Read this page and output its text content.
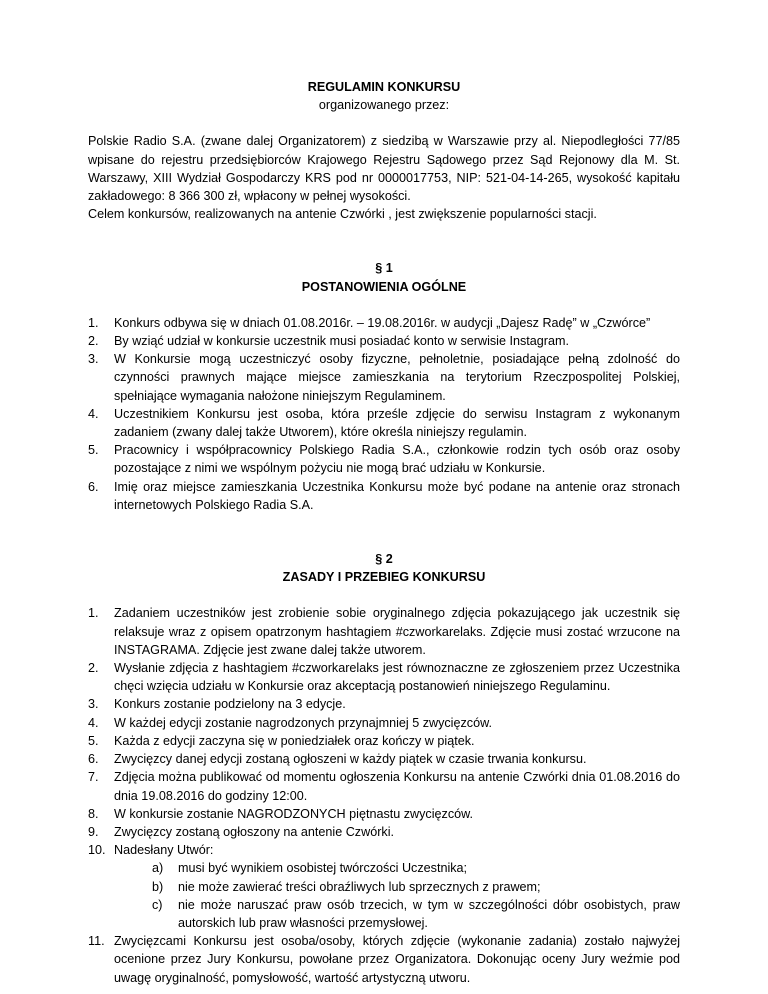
REGULAMIN KONKURSU

organizowanego przez:

Polskie Radio S.A. (zwane dalej Organizatorem) z siedzibą w Warszawie przy al. Niepodległości 77/85 wpisane do rejestru przedsiębiorców Krajowego Rejestru Sądowego przez Sąd Rejonowy dla M. St. Warszawy, XIII Wydział Gospodarczy KRS pod nr 0000017753, NIP: 521-04-14-265, wysokość kapitału zakładowego: 8 366 300 zł, wpłacony w pełnej wysokości.

Celem konkursów, realizowanych na antenie Czwórki , jest zwiększenie popularności stacji.

§ 1

POSTANOWIENIA OGÓLNE

1. Konkurs odbywa się w dniach 01.08.2016r. – 19.08.2016r. w audycji „Dajesz Radę” w „Czwórce”
2. By wziąć udział w konkursie uczestnik musi posiadać konto w serwisie Instagram.
3. W Konkursie mogą uczestniczyć osoby fizyczne, pełnoletnie, posiadające pełną zdolność do czynności prawnych mające miejsce zamieszkania na terytorium Rzeczpospolitej Polskiej, spełniające wymagania nałożone niniejszym Regulaminem.
4. Uczestnikiem Konkursu jest osoba, która prześle zdjęcie do serwisu Instagram z wykonanym zadaniem (zwany dalej także Utworem), które określa niniejszy regulamin.
5. Pracownicy i współpracownicy Polskiego Radia S.A., członkowie rodzin tych osób oraz osoby pozostające z nimi we wspólnym pożyciu nie mogą brać udziału w Konkursie.
6. Imię oraz miejsce zamieszkania Uczestnika Konkursu może być podane na antenie oraz stronach internetowych Polskiego Radia S.A.

§ 2

ZASADY I PRZEBIEG KONKURSU

1. Zadaniem uczestników jest zrobienie sobie oryginalnego zdjęcia pokazującego jak uczestnik się relaksuje wraz z opisem opatrzonym hashtagiem #czworkarelaks. Zdjęcie musi zostać wrzucone na INSTAGRAMA. Zdjęcie jest zwane dalej także utworem.
2. Wysłanie zdjęcia z hashtagiem #czworkarelaks jest równoznaczne ze zgłoszeniem przez Uczestnika chęci wzięcia udziału w Konkursie oraz akceptacją postanowień niniejszego Regulaminu.
3. Konkurs zostanie podzielony na 3 edycje.
4. W każdej edycji zostanie nagrodzonych przynajmniej 5 zwycięzców.
5. Każda z edycji zaczyna się w poniedziałek oraz kończy w piątek.
6. Zwycięzcy danej edycji zostaną ogłoszeni w każdy piątek w czasie trwania konkursu.
7. Zdjęcia można publikować od momentu ogłoszenia Konkursu na antenie Czwórki dnia 01.08.2016 do dnia 19.08.2016 do godziny 12:00.
8. W konkursie zostanie NAGRODZONYCH piętnastu zwycięzców.
9. Zwycięzcy zostaną ogłoszony na antenie Czwórki.
10. Nadesłany Utwór:
a) musi być wynikiem osobistej twórczości Uczestnika;
b) nie może zawierać treści obraźliwych lub sprzecznych z prawem;
c) nie może naruszać praw osób trzecich, w tym w szczególności dóbr osobistych, praw autorskich lub praw własności przemysłowej.
11. Zwycięzcami Konkursu jest osoba/osoby, których zdjęcie (wykonanie zadania) zostało najwyżej ocenione przez Jury Konkursu, powołane przez Organizatora. Dokonując oceny Jury weźmie pod uwagę oryginalność, pomysłowość, wartość artystyczną utworu.
